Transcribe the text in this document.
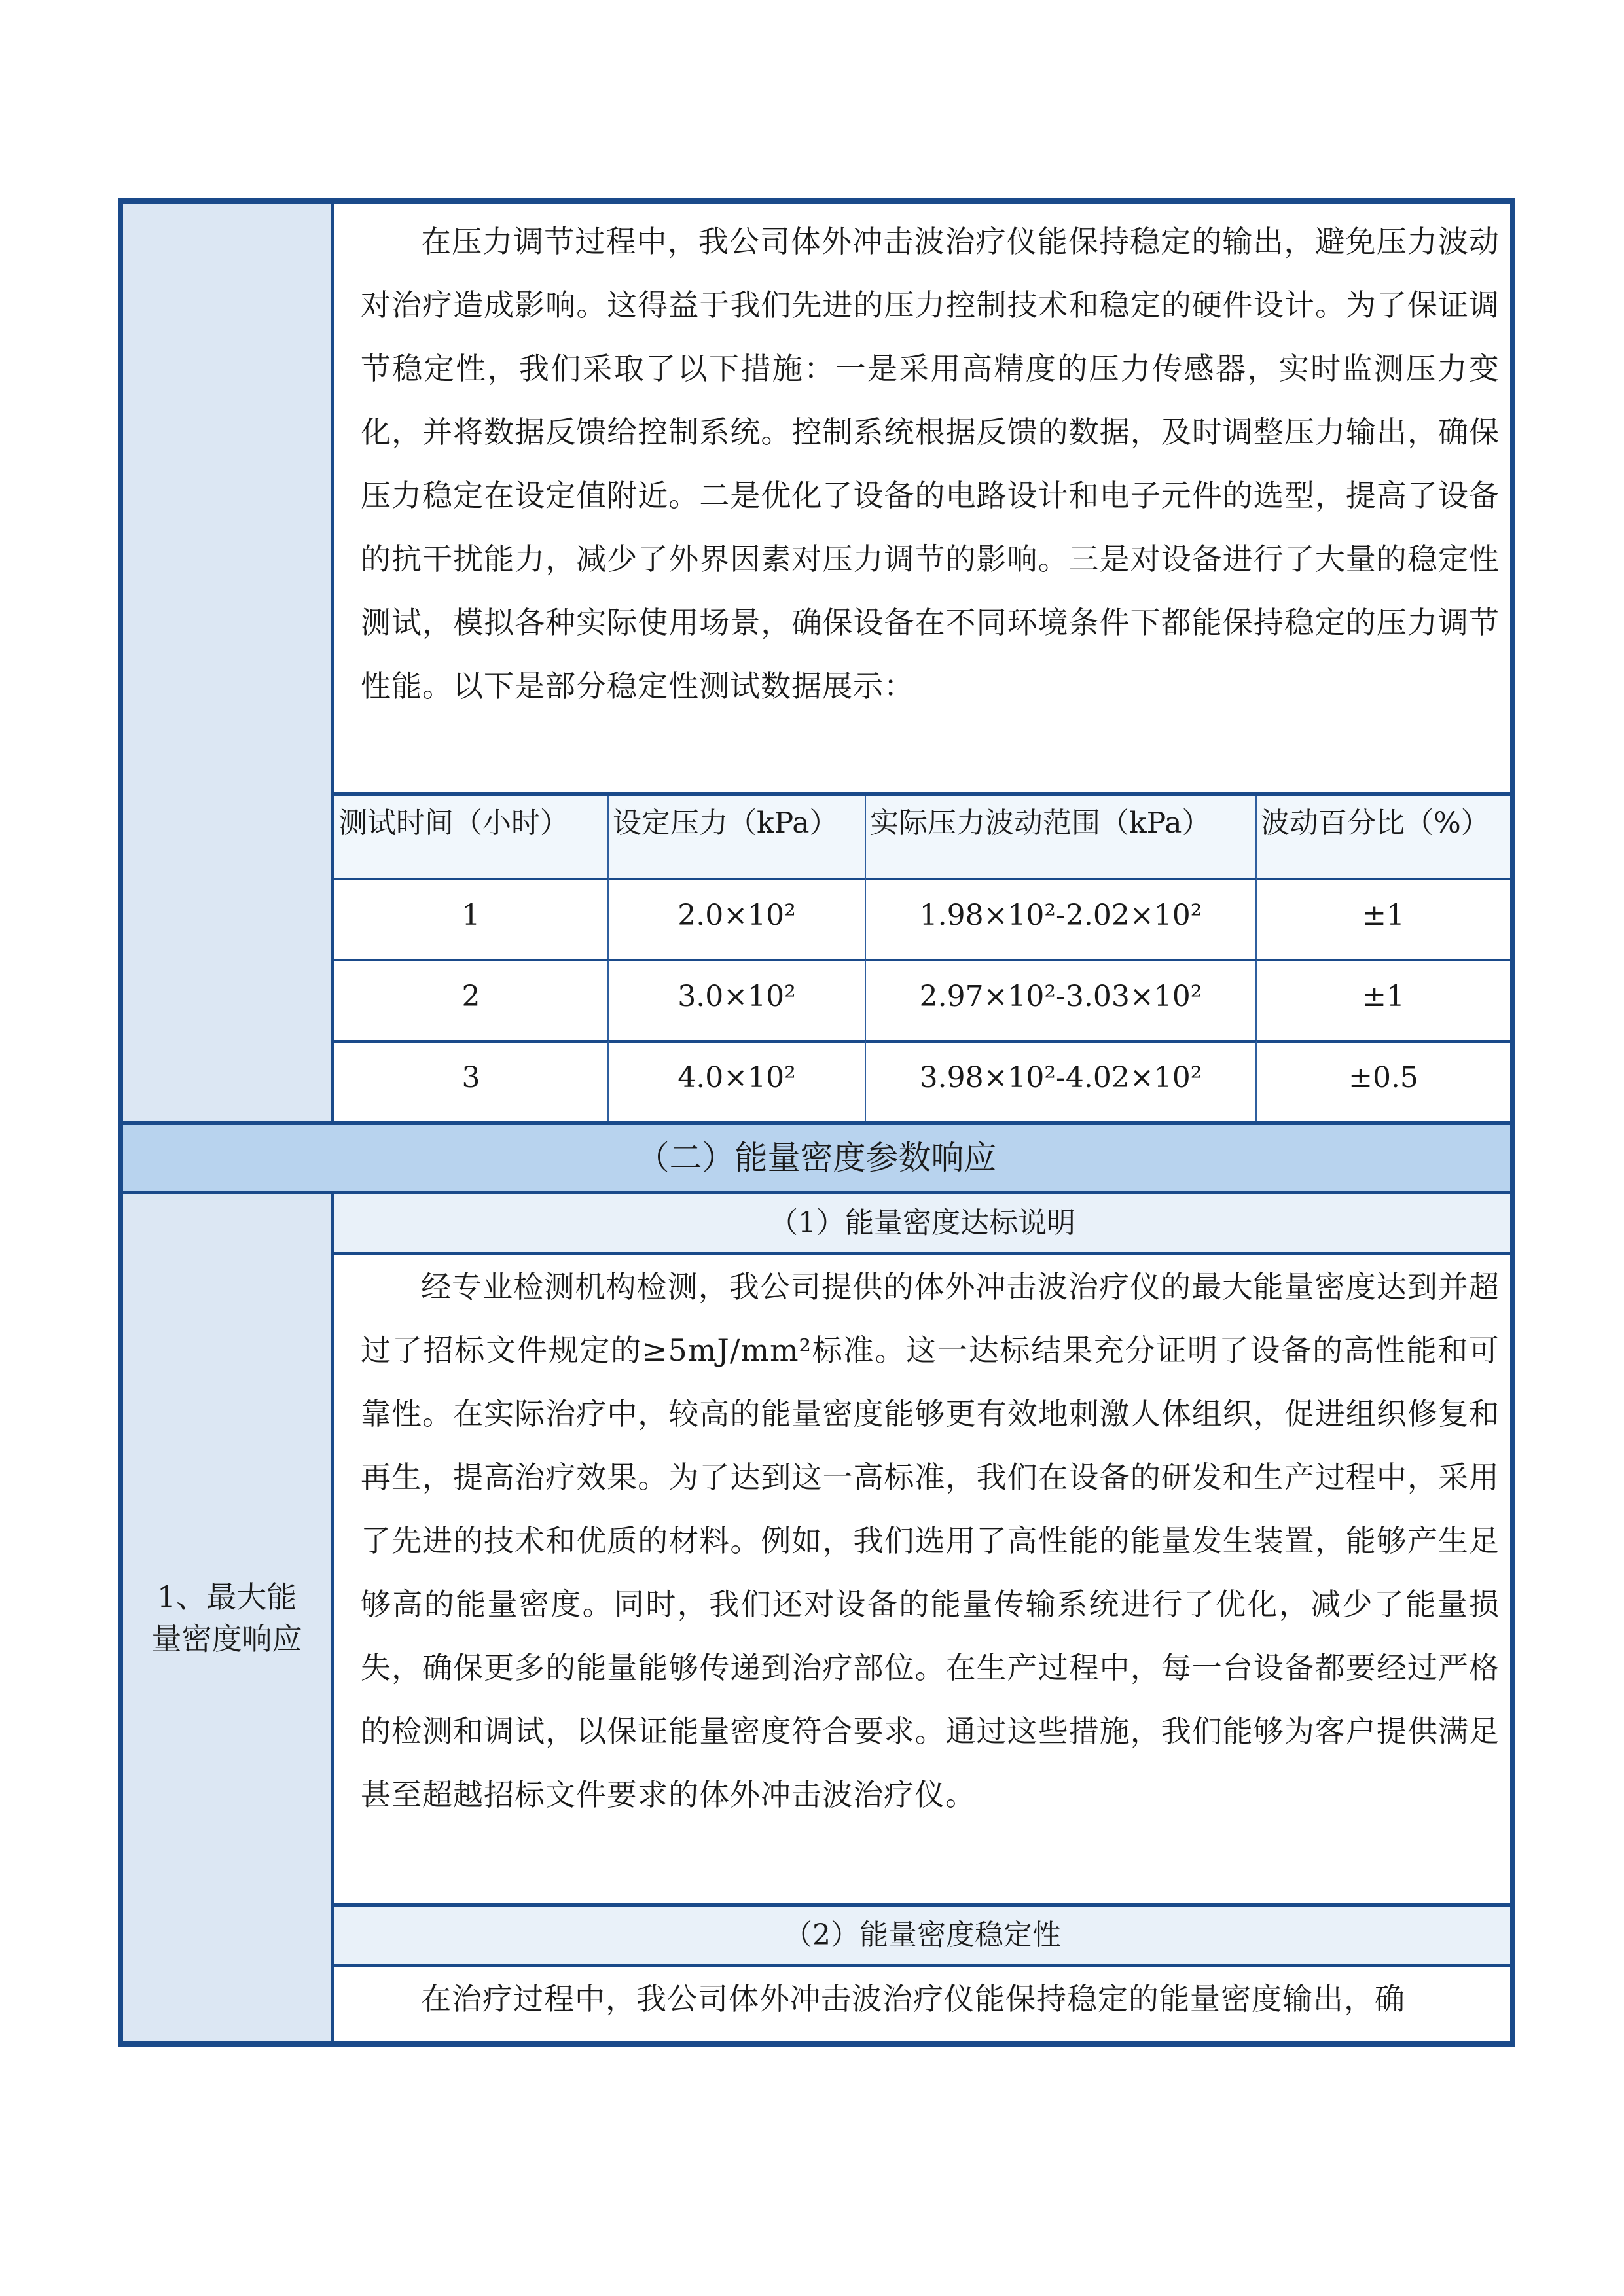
在压力调节过程中，我公司体外冲击波治疗仪能保持稳定的输出，避免压力波动对治疗造成影响。这得益于我们先进的压力控制技术和稳定的硬件设计。为了保证调节稳定性，我们采取了以下措施：一是采用高精度的压力传感器，实时监测压力变化，并将数据反馈给控制系统。控制系统根据反馈的数据，及时调整压力输出，确保压力稳定在设定值附近。二是优化了设备的电路设计和电子元件的选型，提高了设备的抗干扰能力，减少了外界因素对压力调节的影响。三是对设备进行了大量的稳定性测试，模拟各种实际使用场景，确保设备在不同环境条件下都能保持稳定的压力调节性能。以下是部分稳定性测试数据展示：
测试时间（小时）	设定压力（kPa）	实际压力波动范围（kPa）	波动百分比（%）
1	2.0×10²	1.98×10²-2.02×10²	±1
2	3.0×10²	2.97×10²-3.03×10²	±1
3	4.0×10²	3.98×10²-4.02×10²	±0.5
（二）能量密度参数响应
1、最大能量密度响应
（1）能量密度达标说明
经专业检测机构检测，我公司提供的体外冲击波治疗仪的最大能量密度达到并超过了招标文件规定的≥5mJ/mm²标准。这一达标结果充分证明了设备的高性能和可靠性。在实际治疗中，较高的能量密度能够更有效地刺激人体组织，促进组织修复和再生，提高治疗效果。为了达到这一高标准，我们在设备的研发和生产过程中，采用了先进的技术和优质的材料。例如，我们选用了高性能的能量发生装置，能够产生足够高的能量密度。同时，我们还对设备的能量传输系统进行了优化，减少了能量损失，确保更多的能量能够传递到治疗部位。在生产过程中，每一台设备都要经过严格的检测和调试，以保证能量密度符合要求。通过这些措施，我们能够为客户提供满足甚至超越招标文件要求的体外冲击波治疗仪。
（2）能量密度稳定性
在治疗过程中，我公司体外冲击波治疗仪能保持稳定的能量密度输出，确
